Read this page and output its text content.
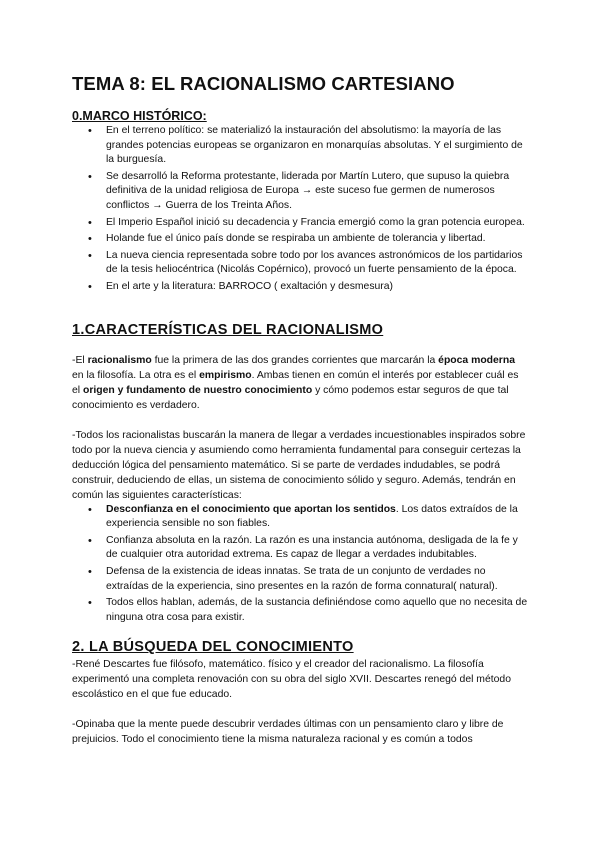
TEMA 8: EL RACIONALISMO CARTESIANO
0.MARCO HISTÓRICO:
• En el terreno político: se materializó la instauración del absolutismo: la mayoría de las grandes potencias europeas se organizaron en monarquías absolutas. Y el surgimiento de la burguesía.
• Se desarrolló la Reforma protestante, liderada por Martín Lutero, que supuso la quiebra definitiva de la unidad religiosa de Europa → este suceso fue germen de numerosos conflictos → Guerra de los Treinta Años.
• El Imperio Español inició su decadencia y Francia emergió como la gran potencia europea.
• Holande fue el único país donde se respiraba un ambiente de tolerancia y libertad.
• La nueva ciencia representada sobre todo por los avances astronómicos de los partidarios de la tesis heliocéntrica (Nicolás Copérnico), provocó un fuerte pensamiento de la época.
• En el arte y la literatura: BARROCO ( exaltación y desmesura)
1.CARACTERÍSTICAS DEL RACIONALISMO

-El racionalismo fue la primera de las dos grandes corrientes que marcarán la época moderna en la filosofía. La otra es el empirismo. Ambas tienen en común el interés por establecer cuál es el origen y fundamento de nuestro conocimiento y cómo podemos estar seguros de que tal conocimiento es verdadero.

-Todos los racionalistas buscarán la manera de llegar a verdades incuestionables inspirados sobre todo por la nueva ciencia y asumiendo como herramienta fundamental para conseguir certezas la deducción lógica del pensamiento matemático. Si se parte de verdades indudables, se podrá construir, deduciendo de ellas, un sistema de conocimiento sólido y seguro. Además, tendrán en común las siguientes características:

• Desconfianza en el conocimiento que aportan los sentidos. Los datos extraídos de la experiencia sensible no son fiables.
• Confianza absoluta en la razón. La razón es una instancia autónoma, desligada de la fe y de cualquier otra autoridad extrema. Es capaz de llegar a verdades indubitables.
• Defensa de la existencia de ideas innatas. Se trata de un conjunto de verdades no extraídas de la experiencia, sino presentes en la razón de forma connatural( natural).
• Todos ellos hablan, además, de la sustancia definiéndose como aquello que no necesita de ninguna otra cosa para existir.
2. LA BÚSQUEDA DEL CONOCIMIENTO

-René Descartes fue filósofo, matemático. físico y el creador del racionalismo. La filosofía experimentó una completa renovación con su obra del siglo XVII. Descartes renegó del método escolástico en el que fue educado.

-Opinaba que la mente puede descubrir verdades últimas con un pensamiento claro y libre de prejuicios. Todo el conocimiento tiene la misma naturaleza racional y es común a todos
